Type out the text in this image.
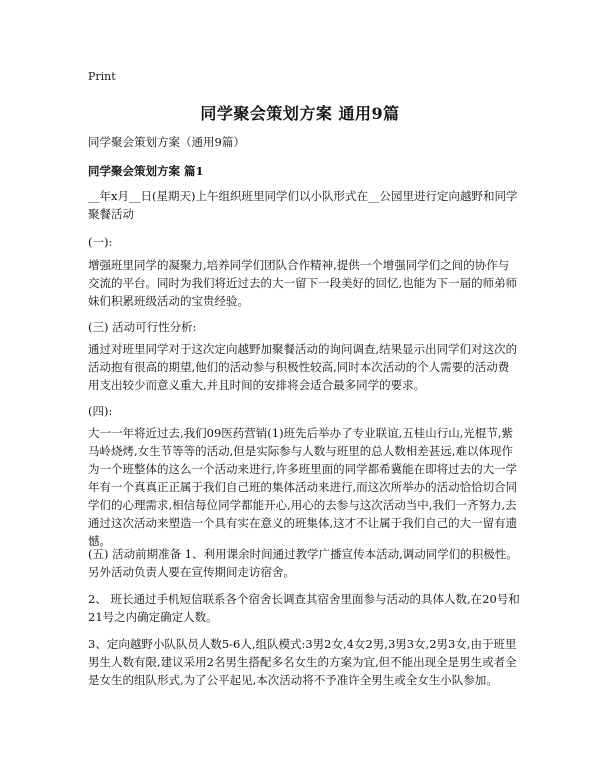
Print
同学聚会策划方案 通用9篇
同学聚会策划方案（通用9篇）
同学聚会策划方案 篇1
__年x月__日(星期天)上午组织班里同学们以小队形式在__公园里进行定向越野和同学聚餐活动
(一):
增强班里同学的凝聚力,培养同学们团队合作精神,提供一个增强同学们之间的协作与交流的平台。同时为我们将近过去的大一留下一段美好的回忆,也能为下一届的师弟师妹们积累班级活动的宝贵经验。
(三) 活动可行性分析:
通过对班里同学对于这次定向越野加聚餐活动的询问调查,结果显示出同学们对这次的活动抱有很高的期望,他们的活动参与积极性较高,同时本次活动的个人需要的活动费用支出较少而意义重大,并且时间的安排将会适合最多同学的要求。
(四):
大一一年将近过去,我们09医药营销(1)班先后举办了专业联谊,五桂山行山,光棍节,紫马岭烧烤,女生节等等的活动,但是实际参与人数与班里的总人数相差甚远,难以体现作为一个班整体的这么一个活动来进行,许多班里面的同学都希冀能在即将过去的大一学年有一个真真正正属于我们自己班的集体活动来进行,而这次所举办的活动恰恰切合同学们的心理需求,相信每位同学都能开心,用心的去参与这次活动当中,我们一齐努力,去通过这次活动来塑造一个具有实在意义的班集体,这才不让属于我们自己的大一留有遗憾。
(五) 活动前期准备 1、利用课余时间通过教学广播宣传本活动,调动同学们的积极性。另外活动负责人要在宣传期间走访宿舍。
2、 班长通过手机短信联系各个宿舍长调查其宿舍里面参与活动的具体人数,在20号和21号之内确定确定人数。
3、定向越野小队队员人数5-6人,组队模式:3男2女,4女2男,3男3女,2男3女,由于班里男生人数有限,建议采用2名男生搭配多名女生的方案为宜,但不能出现全是男生或者全是女生的组队形式,为了公平起见,本次活动将不予准许全男生或全女生小队参加。
